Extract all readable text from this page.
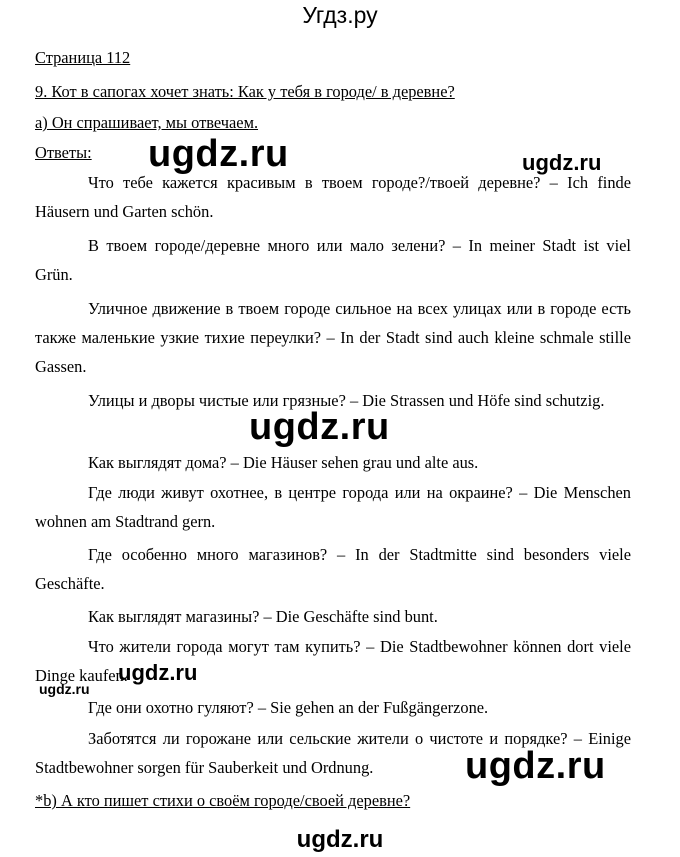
Угдз.ру
Страница 112
9. Кот в сапогах хочет знать: Как у тебя в городе/ в деревне?
а) Он спрашивает, мы отвечаем.
Ответы:
Что тебе кажется красивым в твоем городе?/твоей деревне? – Ich finde Häusern und Garten schön.
В твоем городе/деревне много или мало зелени? – In meiner Stadt ist viel Grün.
Уличное движение в твоем городе сильное на всех улицах или в городе есть также маленькие узкие тихие переулки? – In der Stadt sind auch kleine schmale stille Gassen.
Улицы и дворы чистые или грязные? – Die Strassen und Höfe sind schutzig.
Как выглядят дома? – Die Häuser sehen grau und alte aus.
Где люди живут охотнее, в центре города или на окраине? – Die Menschen wohnen am Stadtrand gern.
Где особенно много магазинов? – In der Stadtmitte sind besonders viele Geschäfte.
Как выглядят магазины? – Die Geschäfte sind bunt.
Что жители города могут там купить? – Die Stadtbewohner können dort viele Dinge kaufen.
Где они охотно гуляют? – Sie gehen an der Fußgängerzone.
Заботятся ли горожане или сельские жители о чистоте и порядке? – Einige Stadtbewohner sorgen für Sauberkeit und Ordnung.
*b) А кто пишет стихи о своём городе/своей деревне?
ugdz.ru	ugdz.ru
ugdz.ru
ugdz.ru
ugdz.ru
ugdz.ru
ugdz.ru
